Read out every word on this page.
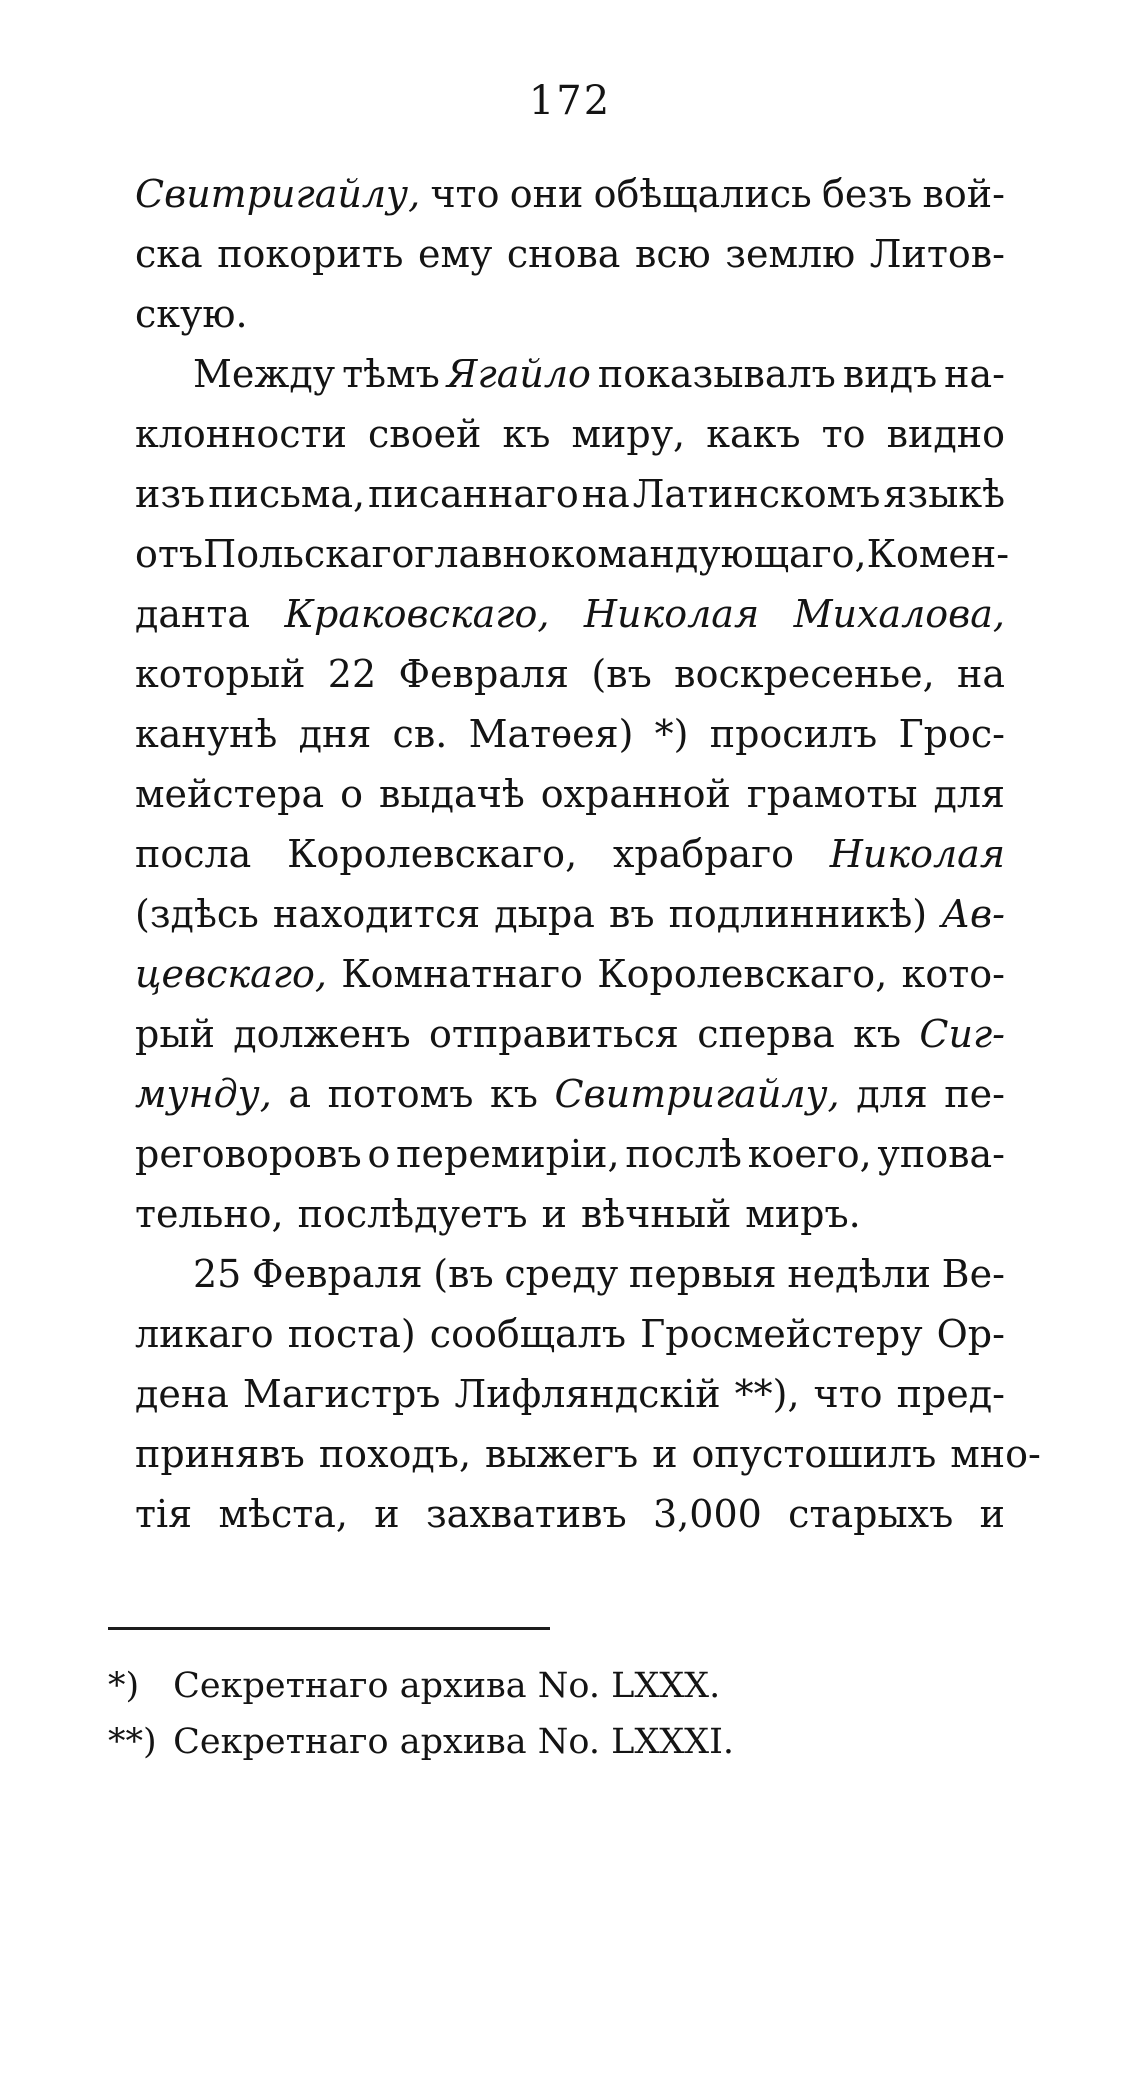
172
Свитригайлу, что они обѣщались безъ вой-
ска покорить ему снова всю землю Литов-
скую.
Между тѣмъ Ягайло показывалъ видъ на-
клонности своей къ миру, какъ то видно
изъ письма, писаннаго на Латинскомъ языкѣ
отъ Польскаго главнокомандующаго, Комен-
данта Краковскаго, Николая Михалова,
который 22 Февраля (въ воскресенье, на
канунѣ дня св. Матѳея) *) просилъ Грос-
мейстера о выдачѣ охранной грамоты для
посла Королевскаго, храбраго Николая
(здѣсь находится дыра въ подлинникѣ) Ав-
цевскаго, Комнатнаго Королевскаго, кото-
рый долженъ отправиться сперва къ Сиг-
мунду, а потомъ къ Свитригайлу, для пе-
реговоровъ о перемиріи, послѣ коего, упова-
тельно, послѣдуетъ и вѣчный миръ.
25 Февраля (въ среду первыя недѣли Ве-
ликаго поста) сообщалъ Гросмейстеру Ор-
дена Магистръ Лифляндскій **), что пред-
принявъ походъ, выжегъ и опустошилъ мно-
тія мѣста, и захвативъ 3,000 старыхъ и
*) Секретнаго архива No. LXXX.
**) Секретнаго архива No. LXXXI.
